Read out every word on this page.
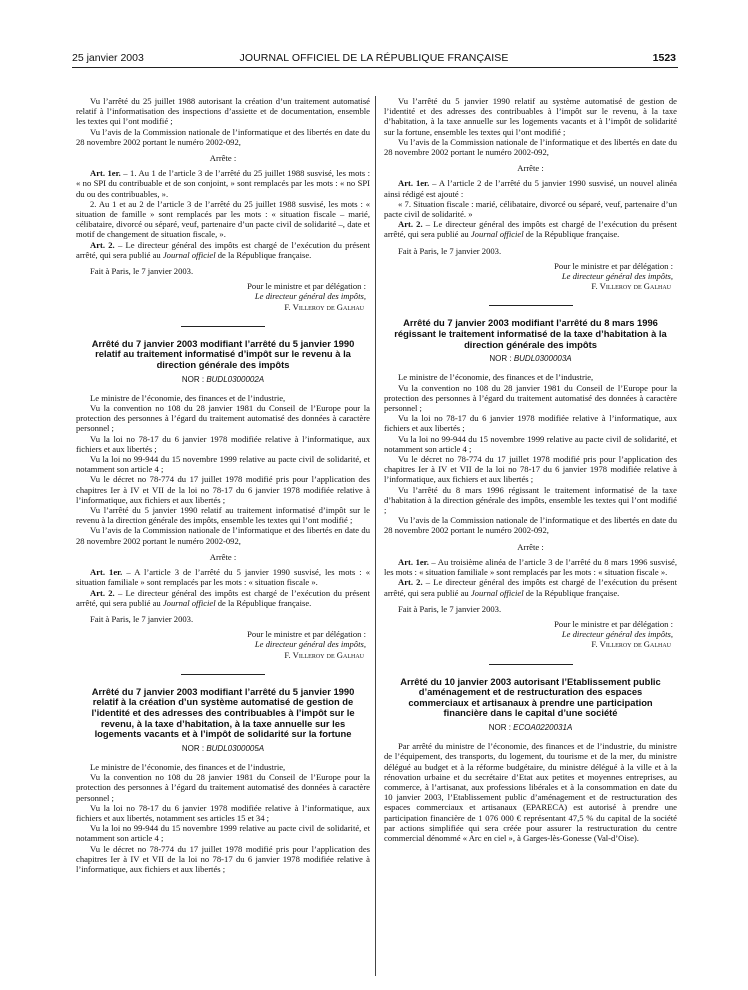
25 janvier 2003	JOURNAL OFFICIEL DE LA RÉPUBLIQUE FRANÇAISE	1523

Vu l’arrêté du 25 juillet 1988 autorisant la création d’un traitement automatisé relatif à l’informatisation des inspections d’assiette et de documentation, ensemble les textes qui l’ont modifié ;

Vu l’avis de la Commission nationale de l’informatique et des libertés en date du 28 novembre 2002 portant le numéro 2002-092,

Arrête :

Art. 1er. – 1. Au 1 de l’article 3 de l’arrêté du 25 juillet 1988 susvisé, les mots : « no SPI du contribuable et de son conjoint, » sont remplacés par les mots : « no SPI du ou des contribuables, ».

2. Au 1 et au 2 de l’article 3 de l’arrêté du 25 juillet 1988 susvisé, les mots : « situation de famille » sont remplacés par les mots : « situation fiscale – marié, célibataire, divorcé ou séparé, veuf, partenaire d’un pacte civil de solidarité –, date et motif de changement de situation fiscale, ».

Art. 2. – Le directeur général des impôts est chargé de l’exécution du présent arrêté, qui sera publié au Journal officiel de la République française.

Fait à Paris, le 7 janvier 2003.

Pour le ministre et par délégation :
Le directeur général des impôts,
F. Villeroy de Galhau
Arrêté du 7 janvier 2003 modifiant l’arrêté du 5 janvier 1990 relatif au traitement informatisé d’impôt sur le revenu à la direction générale des impôts
NOR : BUDL0300002A

Le ministre de l’économie, des finances et de l’industrie,

Vu la convention no 108 du 28 janvier 1981 du Conseil de l’Europe pour la protection des personnes à l’égard du traitement automatisé des données à caractère personnel ;

Vu la loi no 78-17 du 6 janvier 1978 modifiée relative à l’informatique, aux fichiers et aux libertés ;

Vu la loi no 99-944 du 15 novembre 1999 relative au pacte civil de solidarité, et notamment son article 4 ;

Vu le décret no 78-774 du 17 juillet 1978 modifié pris pour l’application des chapitres Ier à IV et VII de la loi no 78-17 du 6 janvier 1978 modifiée relative à l’informatique, aux fichiers et aux libertés ;

Vu l’arrêté du 5 janvier 1990 relatif au traitement informatisé d’impôt sur le revenu à la direction générale des impôts, ensemble les textes qui l’ont modifié ;

Vu l’avis de la Commission nationale de l’informatique et des libertés en date du 28 novembre 2002 portant le numéro 2002-092,

Arrête :

Art. 1er. – A l’article 3 de l’arrêté du 5 janvier 1990 susvisé, les mots : « situation familiale » sont remplacés par les mots : « situation fiscale ».

Art. 2. – Le directeur général des impôts est chargé de l’exécution du présent arrêté, qui sera publié au Journal officiel de la République française.

Fait à Paris, le 7 janvier 2003.

Pour le ministre et par délégation :
Le directeur général des impôts,
F. Villeroy de Galhau
Arrêté du 7 janvier 2003 modifiant l’arrêté du 5 janvier 1990 relatif à la création d’un système automatisé de gestion de l’identité et des adresses des contribuables à l’impôt sur le revenu, à la taxe d’habitation, à la taxe annuelle sur les logements vacants et à l’impôt de solidarité sur la fortune
NOR : BUDL0300005A

Le ministre de l’économie, des finances et de l’industrie,

Vu la convention no 108 du 28 janvier 1981 du Conseil de l’Europe pour la protection des personnes à l’égard du traitement automatisé des données à caractère personnel ;

Vu la loi no 78-17 du 6 janvier 1978 modifiée relative à l’informatique, aux fichiers et aux libertés, notamment ses articles 15 et 34 ;

Vu la loi no 99-944 du 15 novembre 1999 relative au pacte civil de solidarité, et notamment son article 4 ;

Vu le décret no 78-774 du 17 juillet 1978 modifié pris pour l’application des chapitres Ier à IV et VII de la loi no 78-17 du 6 janvier 1978 modifiée relative à l’informatique, aux fichiers et aux libertés ;

Vu l’arrêté du 5 janvier 1990 relatif au système automatisé de gestion de l’identité et des adresses des contribuables à l’impôt sur le revenu, à la taxe d’habitation, à la taxe annuelle sur les logements vacants et à l’impôt de solidarité sur la fortune, ensemble les textes qui l’ont modifié ;

Vu l’avis de la Commission nationale de l’informatique et des libertés en date du 28 novembre 2002 portant le numéro 2002-092,

Arrête :

Art. 1er. – A l’article 2 de l’arrêté du 5 janvier 1990 susvisé, un nouvel alinéa ainsi rédigé est ajouté :

« 7. Situation fiscale : marié, célibataire, divorcé ou séparé, veuf, partenaire d’un pacte civil de solidarité. »

Art. 2. – Le directeur général des impôts est chargé de l’exécution du présent arrêté, qui sera publié au Journal officiel de la République française.

Fait à Paris, le 7 janvier 2003.

Pour le ministre et par délégation :
Le directeur général des impôts,
F. Villeroy de Galhau
Arrêté du 7 janvier 2003 modifiant l’arrêté du 8 mars 1996 régissant le traitement informatisé de la taxe d’habitation à la direction générale des impôts
NOR : BUDL0300003A

Le ministre de l’économie, des finances et de l’industrie,

Vu la convention no 108 du 28 janvier 1981 du Conseil de l’Europe pour la protection des personnes à l’égard du traitement automatisé des données à caractère personnel ;

Vu la loi no 78-17 du 6 janvier 1978 modifiée relative à l’informatique, aux fichiers et aux libertés ;

Vu la loi no 99-944 du 15 novembre 1999 relative au pacte civil de solidarité, et notamment son article 4 ;

Vu le décret no 78-774 du 17 juillet 1978 modifié pris pour l’application des chapitres Ier à IV et VII de la loi no 78-17 du 6 janvier 1978 modifiée relative à l’informatique, aux fichiers et aux libertés ;

Vu l’arrêté du 8 mars 1996 régissant le traitement informatisé de la taxe d’habitation à la direction générale des impôts, ensemble les textes qui l’ont modifié ;

Vu l’avis de la Commission nationale de l’informatique et des libertés en date du 28 novembre 2002 portant le numéro 2002-092,

Arrête :

Art. 1er. – Au troisième alinéa de l’article 3 de l’arrêté du 8 mars 1996 susvisé, les mots : « situation familiale » sont remplacés par les mots : « situation fiscale ».

Art. 2. – Le directeur général des impôts est chargé de l’exécution du présent arrêté, qui sera publié au Journal officiel de la République française.

Fait à Paris, le 7 janvier 2003.

Pour le ministre et par délégation :
Le directeur général des impôts,
F. Villeroy de Galhau
Arrêté du 10 janvier 2003 autorisant l’Etablissement public d’aménagement et de restructuration des espaces commerciaux et artisanaux à prendre une participation financière dans le capital d’une société
NOR : ECOA0220031A

Par arrêté du ministre de l’économie, des finances et de l’industrie, du ministre de l’équipement, des transports, du logement, du tourisme et de la mer, du ministre délégué au budget et à la réforme budgétaire, du ministre délégué à la ville et à la rénovation urbaine et du secrétaire d’Etat aux petites et moyennes entreprises, au commerce, à l’artisanat, aux professions libérales et à la consommation en date du 10 janvier 2003, l’Etablissement public d’aménagement et de restructuration des espaces commerciaux et artisanaux (EPARECA) est autorisé à prendre une participation financière de 1 076 000 € représentant 47,5 % du capital de la société par actions simplifiée qui sera créée pour assurer la restructuration du centre commercial dénommé « Arc en ciel », à Garges-lès-Gonesse (Val-d’Oise).
